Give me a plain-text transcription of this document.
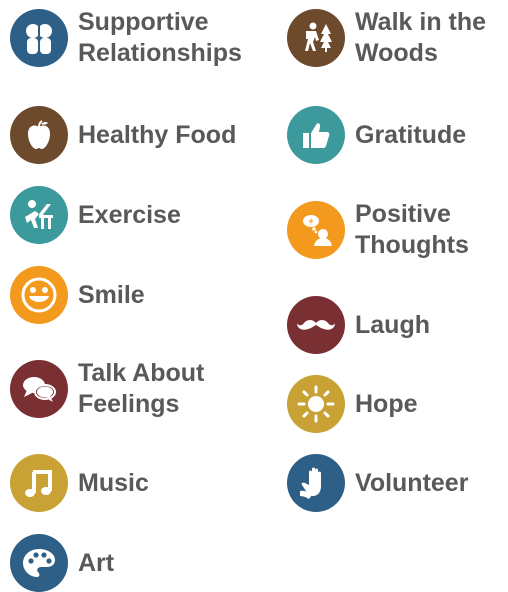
Supportive
Relationships
Healthy Food
Exercise
Smile
Talk About
Feelings
Music
Art
Walk in the
Woods
Gratitude
+ Positive
Thoughts
Laugh
Hope
Volunteer
